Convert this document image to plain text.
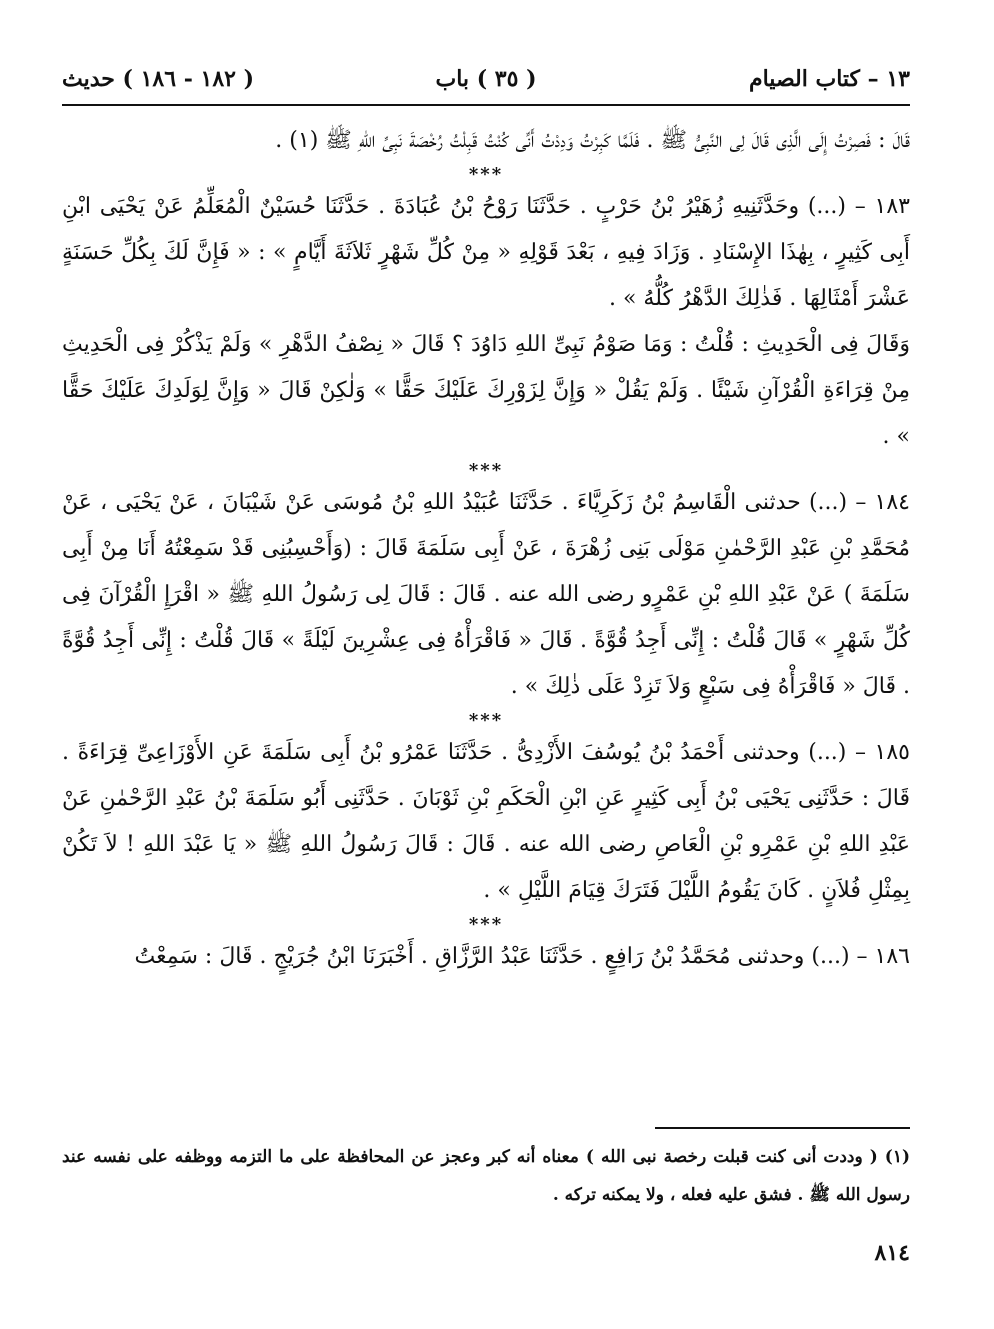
١٣ – كتاب الصيام
( ٣٥ ) باب
( ١٨٢ - ١٨٦ ) حديث

قَالَ : فَصِرْتُ إِلَى الَّذِى قَالَ لِى النَّبِىُّ ﷺ . فَلَمَّا كَبِرْتُ وَدِدْتُ أَنِّى كُنْتُ قَبِلْتُ رُخْصَةَ نَبِىِّ اللهِ ﷺ (١) .

***

١٨٣ – (...) وحَدَّثَنِيهِ زُهَيْرُ بْنُ حَرْبٍ . حَدَّثَنَا رَوْحُ بْنُ عُبَادَةَ . حَدَّثَنَا حُسَيْنٌ الْمُعَلِّمُ عَنْ يَحْيَى ابْنِ أَبِى كَثِيرٍ ، بِهٰذَا الإِسْنَادِ . وَزَادَ فِيهِ ، بَعْدَ قَوْلِهِ « مِنْ كُلِّ شَهْرٍ ثَلاَثَةَ أَيَّامٍ » : « فَإِنَّ لَكَ بِكُلِّ حَسَنَةٍ عَشْرَ أَمْثَالِهَا . فَذٰلِكَ الدَّهْرُ كُلُّهُ » .

وَقَالَ فِى الْحَدِيثِ : قُلْتُ : وَمَا صَوْمُ نَبِىِّ اللهِ دَاوُدَ ؟ قَالَ « نِصْفُ الدَّهْرِ » وَلَمْ يَذْكُرْ فِى الْحَدِيثِ مِنْ قِرَاءَةِ الْقُرْآنِ شَيْئًا . وَلَمْ يَقُلْ « وَإِنَّ لِزَوْرِكَ عَلَيْكَ حَقًّا » وَلٰكِنْ قَالَ « وَإِنَّ لِوَلَدِكَ عَلَيْكَ حَقًّا » .

***

١٨٤ – (...) حدثنى الْقَاسِمُ بْنُ زَكَرِيَّاءَ . حَدَّثَنَا عُبَيْدُ اللهِ بْنُ مُوسَى عَنْ شَيْبَانَ ، عَنْ يَحْيَى ، عَنْ مُحَمَّدِ بْنِ عَبْدِ الرَّحْمٰنِ مَوْلَى بَنِى زُهْرَةَ ، عَنْ أَبِى سَلَمَةَ قَالَ : (وَأَحْسِبُنِى قَدْ سَمِعْتُهُ أَنَا مِنْ أَبِى سَلَمَةَ ) عَنْ عَبْدِ اللهِ بْنِ عَمْرٍو رضى الله عنه . قَالَ : قَالَ لِى رَسُولُ اللهِ ﷺ « اقْرَإِ الْقُرْآنَ فِى كُلِّ شَهْرٍ » قَالَ قُلْتُ : إِنِّى أَجِدُ قُوَّةً . قَالَ « فَاقْرَأْهُ فِى عِشْرِينَ لَيْلَةً » قَالَ قُلْتُ : إِنِّى أَجِدُ قُوَّةً . قَالَ « فَاقْرَأْهُ فِى سَبْعٍ وَلاَ تَزِدْ عَلَى ذٰلِكَ » .

***

١٨٥ – (...) وحدثنى أَحْمَدُ بْنُ يُوسُفَ الأَزْدِىُّ . حَدَّثَنَا عَمْرُو بْنُ أَبِى سَلَمَةَ عَنِ الأَوْزَاعِىِّ قِرَاءَةً . قَالَ : حَدَّثَنِى يَحْيَى بْنُ أَبِى كَثِيرٍ عَنِ ابْنِ الْحَكَمِ بْنِ ثَوْبَانَ . حَدَّثَنِى أَبُو سَلَمَةَ بْنُ عَبْدِ الرَّحْمٰنِ عَنْ عَبْدِ اللهِ بْنِ عَمْرِو بْنِ الْعَاصِ رضى الله عنه . قَالَ : قَالَ رَسُولُ اللهِ ﷺ « يَا عَبْدَ اللهِ ! لاَ تَكُنْ بِمِثْلِ فُلاَنٍ . كَانَ يَقُومُ اللَّيْلَ فَتَرَكَ قِيَامَ اللَّيْلِ » .

***

١٨٦ – (...) وحدثنى مُحَمَّدُ بْنُ رَافِعٍ . حَدَّثَنَا عَبْدُ الرَّزَّاقِ . أَخْبَرَنَا ابْنُ جُرَيْجٍ . قَالَ : سَمِعْتُ

(١) ( وددت أنى كنت قبلت رخصة نبى الله ) معناه أنه كبر وعجز عن المحافظة على ما التزمه ووظفه على نفسه عند رسول الله ﷺ . فشق عليه فعله ، ولا يمكنه تركه .
٨١٤
